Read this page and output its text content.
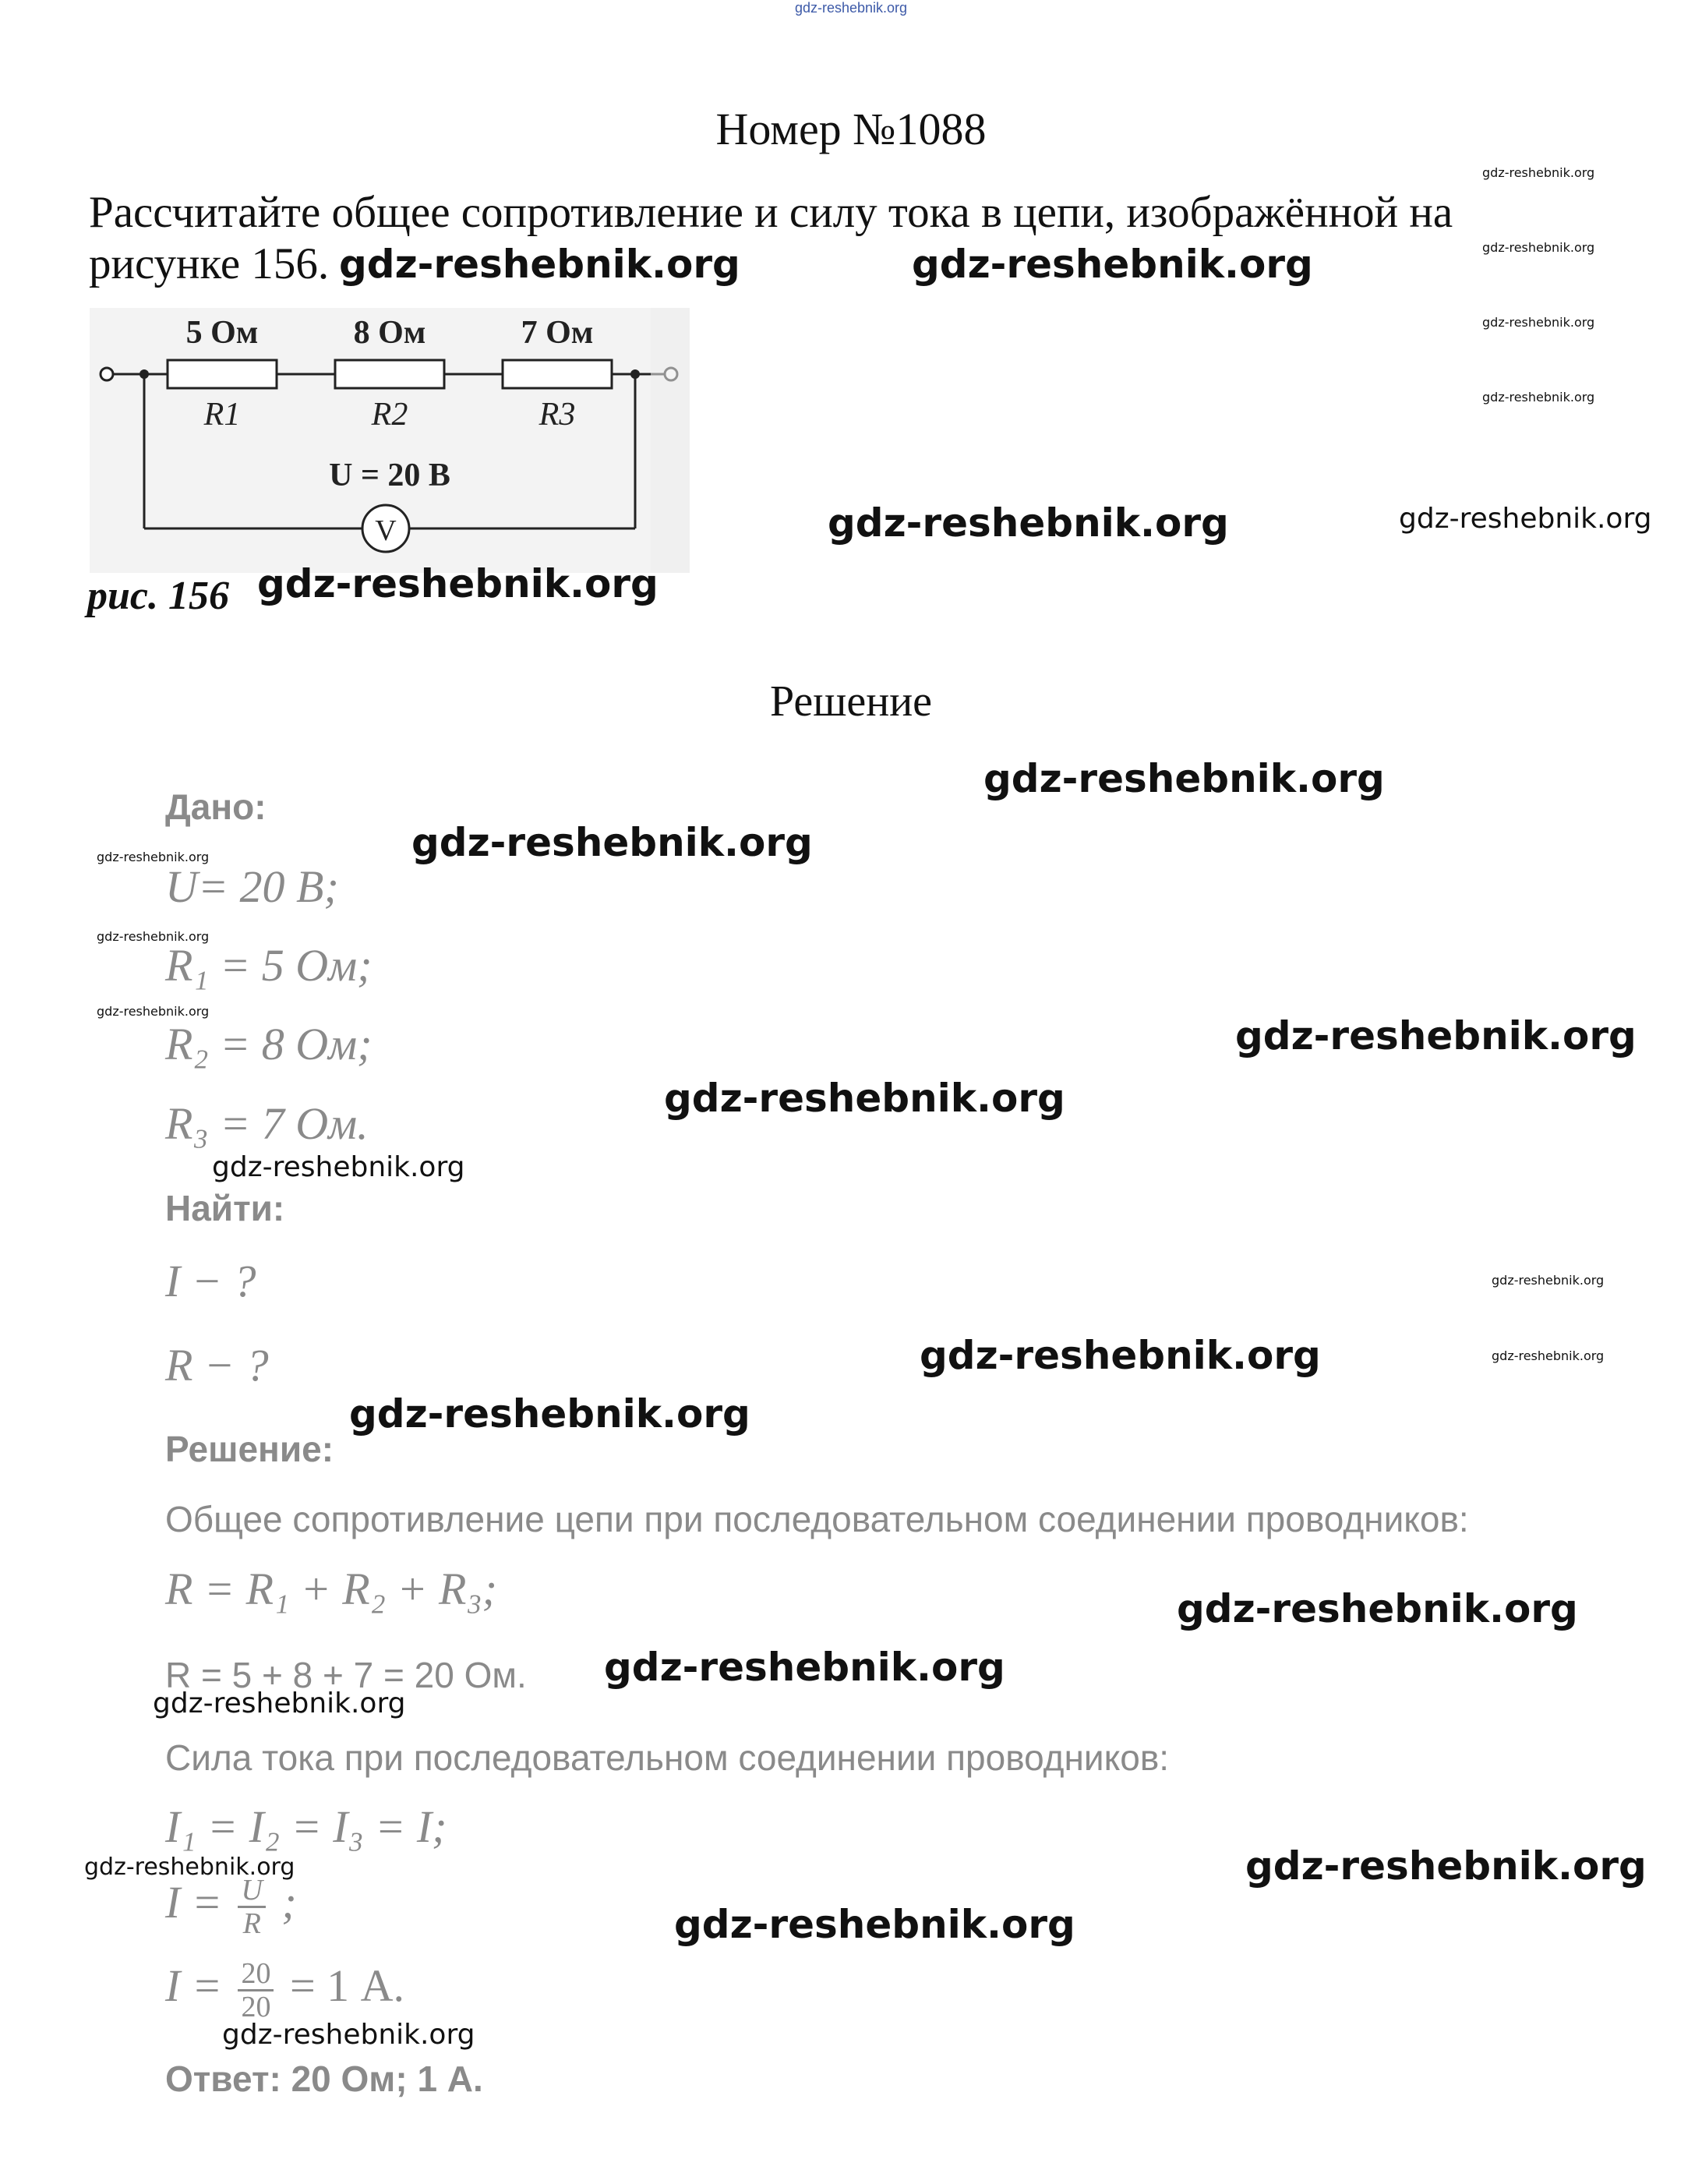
gdz-reshebnik.org
Номер №1088
Рассчитайте общее сопротивление и силу тока в цепи, изображённой на
рисунке 156.
5 Ом	8 Ом	7 Ом
R1	R2	R3
U = 20 В
V
рис. 156
Решение
Дано:
U= 20 В;
R₁ = 5 Ом;
R₂ = 8 Ом;
R₃ = 7 Ом.
Найти:
I − ?
R − ?
Решение:
Общее сопротивление цепи при последовательном соединении проводников:
R = R₁ + R₂ + R₃;
R = 5 + 8 + 7 = 20 Ом.
Сила тока при последовательном соединении проводников:
I₁ = I₂ = I₃ = I;
$I = \frac{U}{R}$ ;
$I = \frac{20}{20} = 1$ А.
Ответ: 20 Ом; 1 А.
gdz-reshebnik.org	gdz-reshebnik.org
gdz-reshebnik.org
gdz-reshebnik.org
gdz-reshebnik.org
gdz-reshebnik.org
gdz-reshebnik.org
gdz-reshebnik.org
gdz-reshebnik.org
gdz-reshebnik.org
gdz-reshebnik.org
gdz-reshebnik.org
gdz-reshebnik.org
gdz-reshebnik.org
gdz-reshebnik.org
gdz-reshebnik.org
gdz-reshebnik.org
gdz-reshebnik.org
gdz-reshebnik.org
gdz-reshebnik.org
gdz-reshebnik.org
gdz-reshebnik.org
gdz-reshebnik.org
gdz-reshebnik.org
gdz-reshebnik.org
gdz-reshebnik.org
gdz-reshebnik.org
gdz-reshebnik.org
